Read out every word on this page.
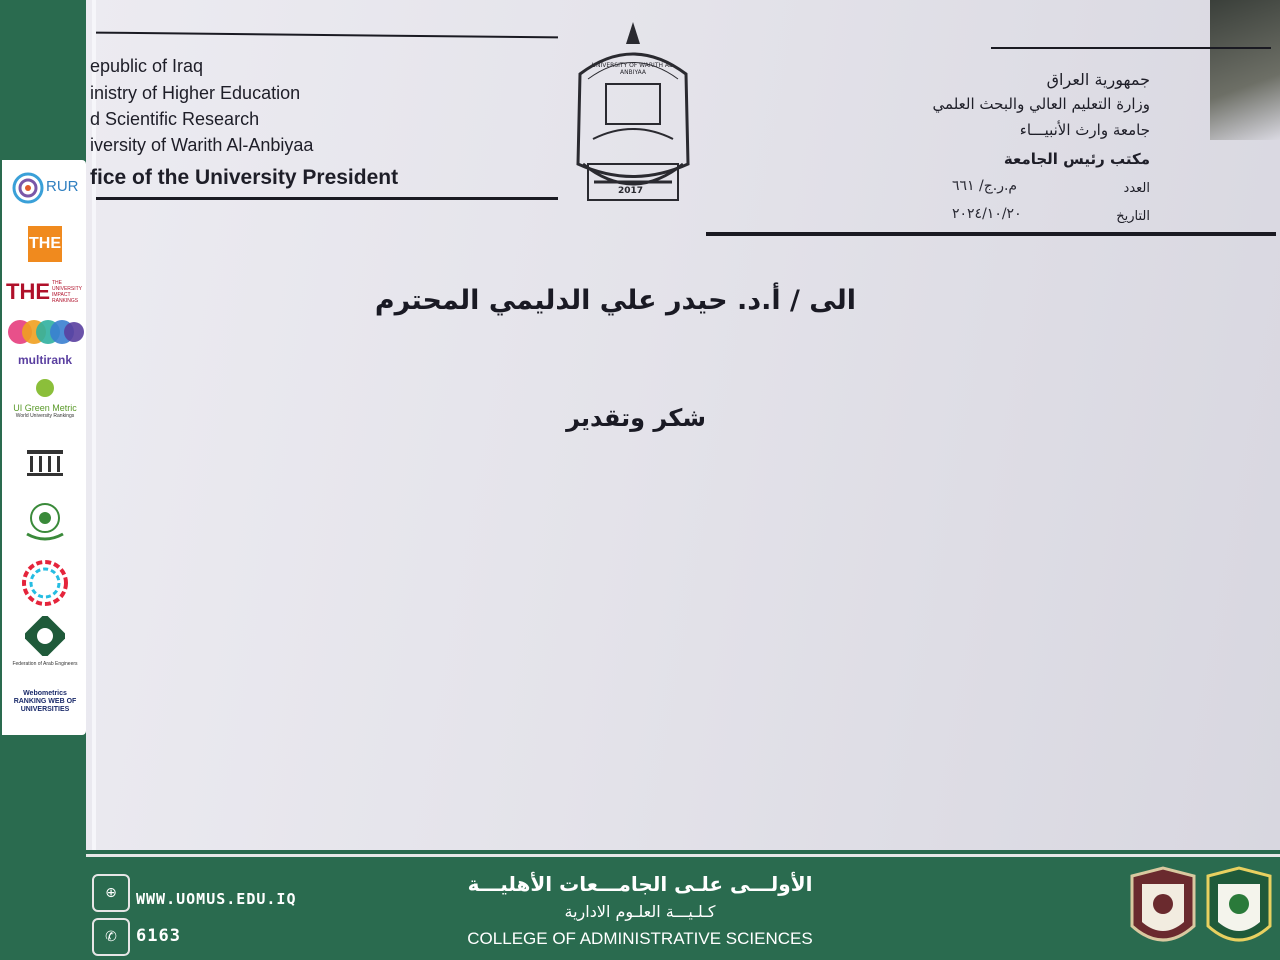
RUR
THE
THE THE UNIVERSITY IMPACT RANKINGS
multirank
UI Green Metric
World University Rankings
Federation of Arab Engineers
Webometrics RANKING WEB OF UNIVERSITIES
epublic of Iraq
inistry of Higher Education
d Scientific Research
iversity of Warith Al-Anbiyaa
fice of the University President
UNIVERSITY OF WARITH AL-ANBIYAA
2017
جمهورية العراق
وزارة التعليم العالي والبحث العلمي
جامعة وارث الأنبيـــاء
مكتب رئيس الجامعة
العدد
م.ر.ج/ ٦٦١
التاريخ
٢٠٢٤/١٠/٢٠
الى / أ.د. حيدر علي الدليمي المحترم
شكر وتقدير
⊕	WWW.UOMUS.EDU.IQ
✆	6163
الأولـــى علـى الجامـــعات الأهليـــة
كـلـيـــة العلـوم الادارية
COLLEGE OF ADMINISTRATIVE SCIENCES
